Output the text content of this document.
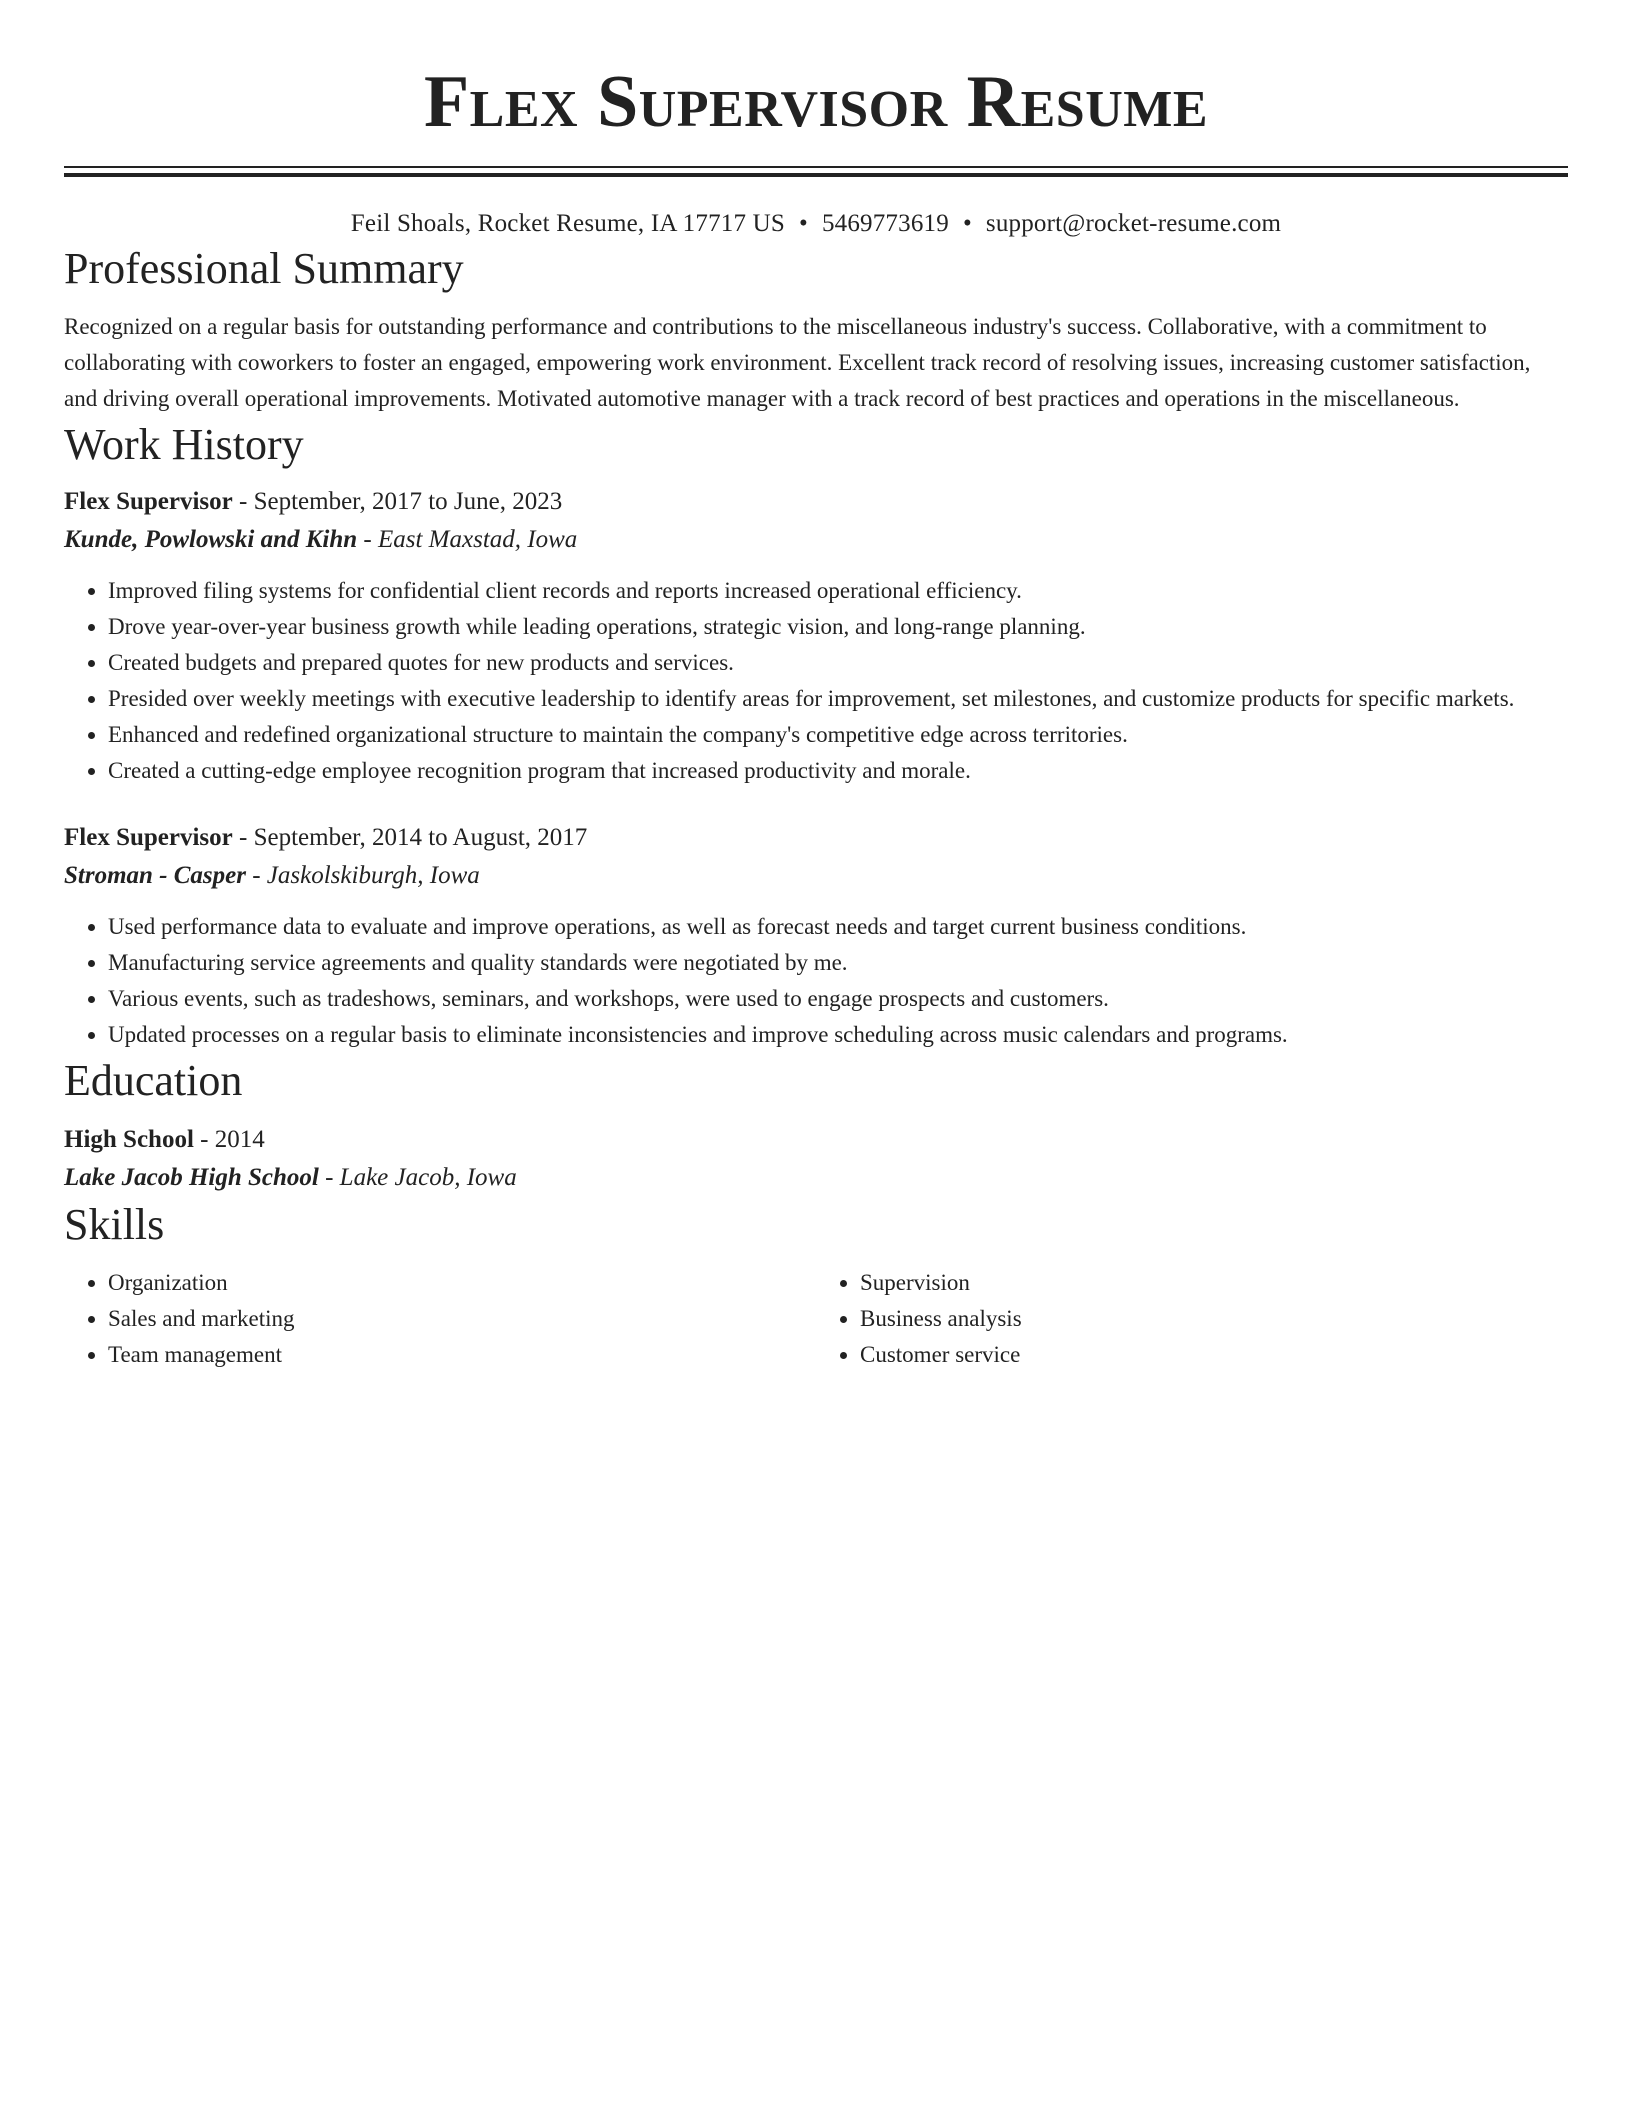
Flex Supervisor Resume
Feil Shoals, Rocket Resume, IA 17717 US • 5469773619 • support@rocket-resume.com
Professional Summary

Recognized on a regular basis for outstanding performance and contributions to the miscellaneous industry's success. Collaborative, with a commitment to collaborating with coworkers to foster an engaged, empowering work environment. Excellent track record of resolving issues, increasing customer satisfaction, and driving overall operational improvements. Motivated automotive manager with a track record of best practices and operations in the miscellaneous.

Work History
Flex Supervisor - September, 2017 to June, 2023
Kunde, Powlowski and Kihn - East Maxstad, Iowa
• Improved filing systems for confidential client records and reports increased operational efficiency.
• Drove year-over-year business growth while leading operations, strategic vision, and long-range planning.
• Created budgets and prepared quotes for new products and services.
• Presided over weekly meetings with executive leadership to identify areas for improvement, set milestones, and customize products for specific markets.
• Enhanced and redefined organizational structure to maintain the company's competitive edge across territories.
• Created a cutting-edge employee recognition program that increased productivity and morale.
Flex Supervisor - September, 2014 to August, 2017
Stroman - Casper - Jaskolskiburgh, Iowa
• Used performance data to evaluate and improve operations, as well as forecast needs and target current business conditions.
• Manufacturing service agreements and quality standards were negotiated by me.
• Various events, such as tradeshows, seminars, and workshops, were used to engage prospects and customers.
• Updated processes on a regular basis to eliminate inconsistencies and improve scheduling across music calendars and programs.
Education
High School - 2014
Lake Jacob High School - Lake Jacob, Iowa
Skills
• Organization
• Sales and marketing
• Team management
• Supervision
• Business analysis
• Customer service
